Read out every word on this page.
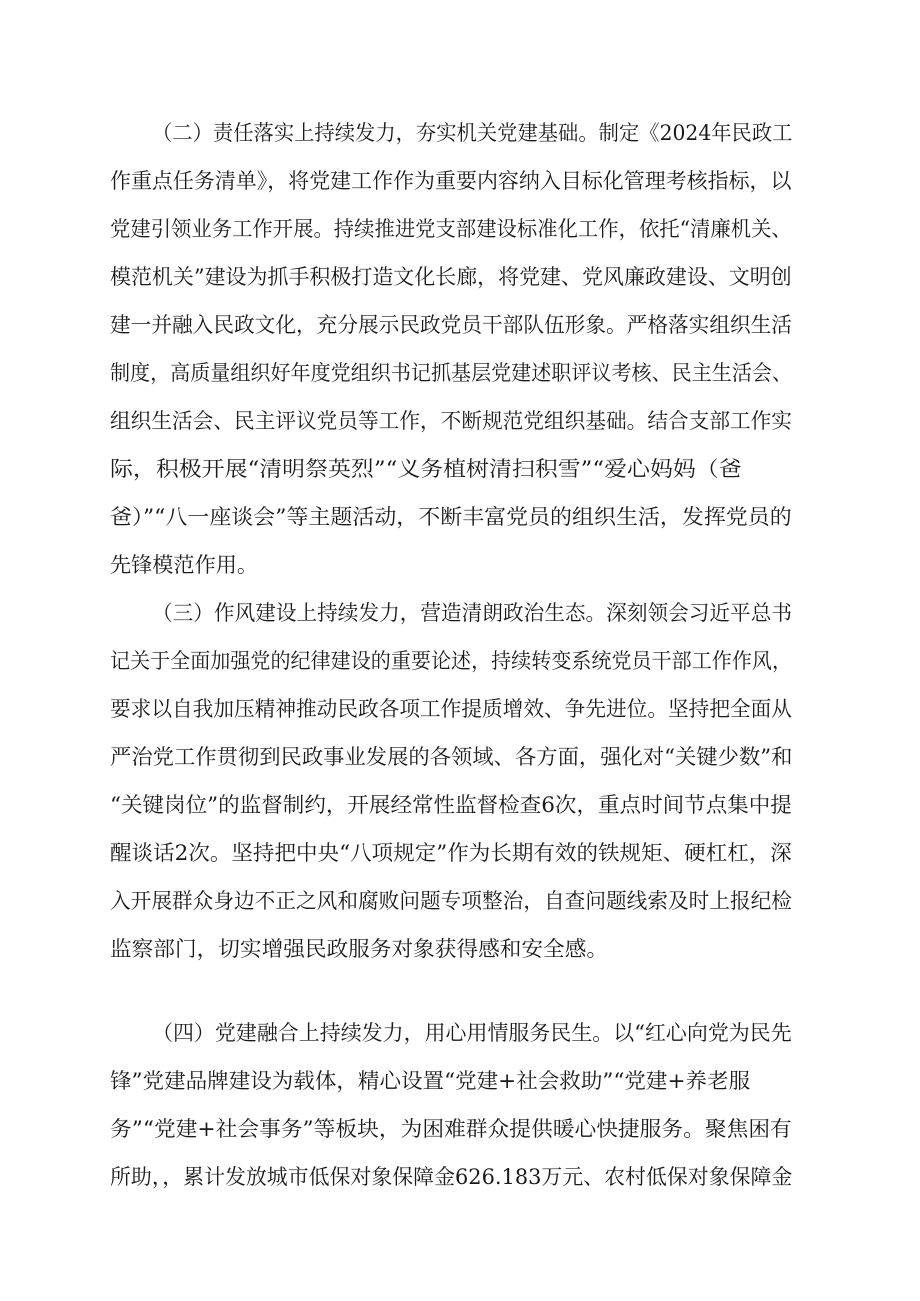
（二）责任落实上持续发力，夯实机关党建基础。制定《2024年民政工
作重点任务清单》，将党建工作作为重要内容纳入目标化管理考核指标，以
党建引领业务工作开展。持续推进党支部建设标准化工作，依托“清廉机关、
模范机关”建设为抓手积极打造文化长廊，将党建、党风廉政建设、文明创
建一并融入民政文化，充分展示民政党员干部队伍形象。严格落实组织生活
制度，高质量组织好年度党组织书记抓基层党建述职评议考核、民主生活会、
组织生活会、民主评议党员等工作，不断规范党组织基础。结合支部工作实
际，积极开展“清明祭英烈”“义务植树清扫积雪”“爱心妈妈（爸
爸）”“八一座谈会”等主题活动，不断丰富党员的组织生活，发挥党员的
先锋模范作用。
（三）作风建设上持续发力，营造清朗政治生态。深刻领会习近平总书
记关于全面加强党的纪律建设的重要论述，持续转变系统党员干部工作作风，
要求以自我加压精神推动民政各项工作提质增效、争先进位。坚持把全面从
严治党工作贯彻到民政事业发展的各领域、各方面，强化对“关键少数”和
“关键岗位”的监督制约，开展经常性监督检查6次，重点时间节点集中提
醒谈话2次。坚持把中央“八项规定”作为长期有效的铁规矩、硬杠杠，深
入开展群众身边不正之风和腐败问题专项整治，自查问题线索及时上报纪检
监察部门，切实增强民政服务对象获得感和安全感。
（四）党建融合上持续发力，用心用情服务民生。以“红心向党为民先
锋”党建品牌建设为载体，精心设置“党建+社会救助”“党建+养老服
务”“党建+社会事务”等板块，为困难群众提供暖心快捷服务。聚焦困有
所助，，累计发放城市低保对象保障金626.183万元、农村低保对象保障金
